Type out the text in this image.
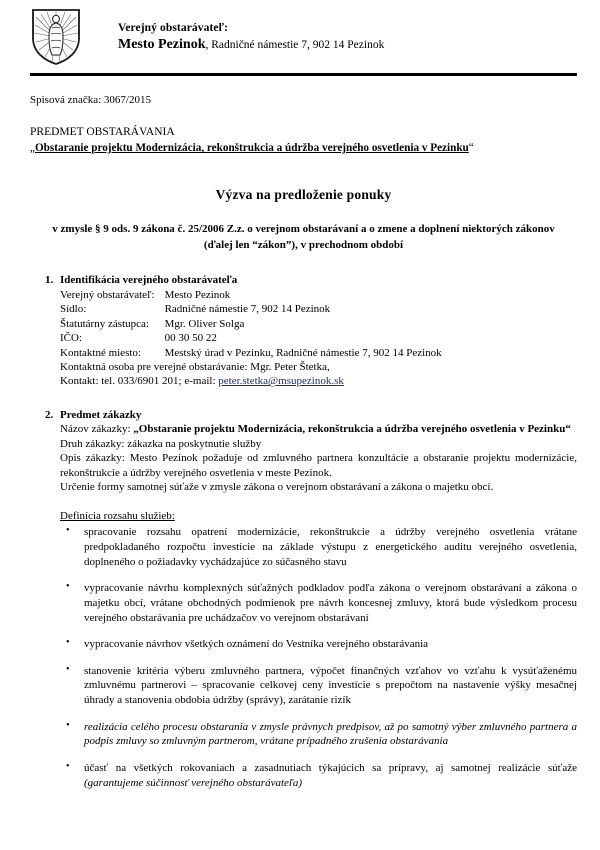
Verejný obstarávateľ:
Mesto Pezinok, Radničné námestie 7, 902 14 Pezinok
Spisová značka: 3067/2015
PREDMET OBSTARÁVANIA
„Obstaranie projektu Modernizácia, rekonštrukcia a údržba verejného osvetlenia v Pezinku“
Výzva na predloženie ponuky
v zmysle § 9 ods. 9 zákona č. 25/2006 Z.z. o verejnom obstarávaní a o zmene a doplnení niektorých zákonov (ďalej len “zákon”), v prechodnom období
1. Identifikácia verejného obstarávateľa
Verejný obstarávateľ:	Mesto Pezinok
Sídlo:	Radničné námestie 7, 902 14 Pezinok
Štatutárny zástupca:	Mgr. Oliver Solga
IČO:	00 30 50 22
Kontaktné miesto:	Mestský úrad v Pezinku, Radničné námestie 7, 902 14 Pezinok
Kontaktná osoba pre verejné obstarávanie: Mgr. Peter Štetka,
Kontakt: tel. 033/6901 201; e-mail: peter.stetka@msupezinok.sk
2. Predmet zákazky
Názov zákazky: „Obstaranie projektu Modernizácia, rekonštrukcia a údržba verejného osvetlenia v Pezinku“
Druh zákazky: zákazka na poskytnutie služby
Opis zákazky: Mesto Pezinok požaduje od zmluvného partnera konzultácie a obstaranie projektu modernizácie, rekonštrukcie a údržby verejného osvetlenia v meste Pezinok.
Určenie formy samotnej súťaže v zmysle zákona o verejnom obstarávaní a zákona o majetku obcí.
Definícia rozsahu služieb:
• spracovanie rozsahu opatrení modernizácie, rekonštrukcie a údržby verejného osvetlenia vrátane predpokladaného rozpočtu investície na základe výstupu z energetického auditu verejného osvetlenia, doplneného o požiadavky vychádzajúce zo súčasného stavu
• vypracovanie návrhu komplexných súťažných podkladov podľa zákona o verejnom obstarávaní a zákona o majetku obcí, vrátane obchodných podmienok pre návrh koncesnej zmluvy, ktorá bude výsledkom procesu verejného obstarávania pre uchádzačov vo verejnom obstarávaní
• vypracovanie návrhov všetkých oznámení do Vestníka verejného obstarávania
• stanovenie kritéria výberu zmluvného partnera, výpočet finančných vzťahov vo vzťahu k vysúťaženému zmluvnému partnerovi – spracovanie celkovej ceny investície s prepočtom na nastavenie výšky mesačnej úhrady a stanovenia obdobia údržby (správy), zarátanie rizík
• realizácia celého procesu obstarania v zmysle právnych predpisov, až po samotný výber zmluvného partnera a podpis zmluvy so zmluvným partnerom, vrátane prípadného zrušenia obstarávania
• účasť na všetkých rokovaniach a zasadnutiach týkajúcich sa prípravy, aj samotnej realizácie súťaže (garantujeme súčinnosť verejného obstarávateľa)
